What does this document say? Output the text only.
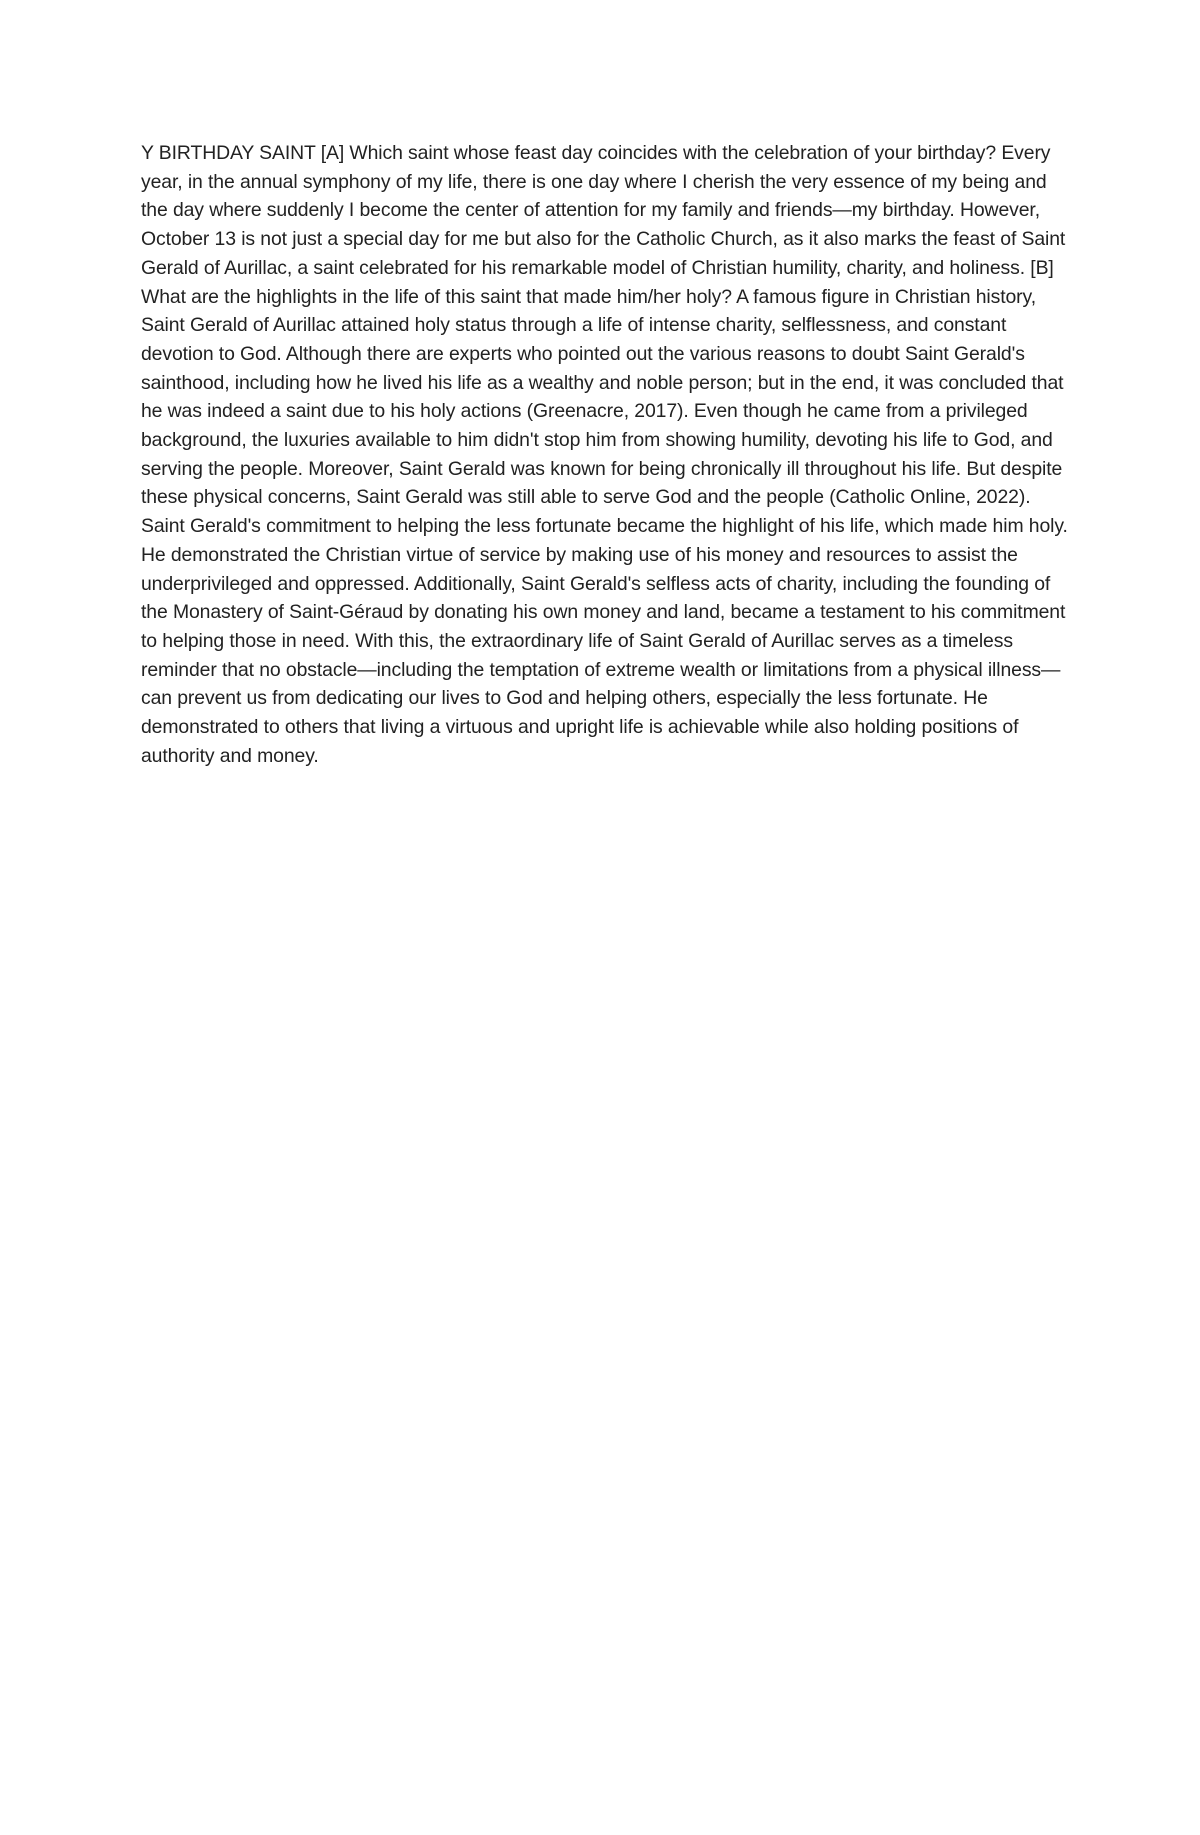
Y BIRTHDAY SAINT [A] Which saint whose feast day coincides with the celebration of your birthday? Every year, in the annual symphony of my life, there is one day where I cherish the very essence of my being and the day where suddenly I become the center of attention for my family and friends—my birthday. However, October 13 is not just a special day for me but also for the Catholic Church, as it also marks the feast of Saint Gerald of Aurillac, a saint celebrated for his remarkable model of Christian humility, charity, and holiness. [B] What are the highlights in the life of this saint that made him/her holy? A famous figure in Christian history, Saint Gerald of Aurillac attained holy status through a life of intense charity, selflessness, and constant devotion to God. Although there are experts who pointed out the various reasons to doubt Saint Gerald's sainthood, including how he lived his life as a wealthy and noble person; but in the end, it was concluded that he was indeed a saint due to his holy actions (Greenacre, 2017). Even though he came from a privileged background, the luxuries available to him didn't stop him from showing humility, devoting his life to God, and serving the people. Moreover, Saint Gerald was known for being chronically ill throughout his life. But despite these physical concerns, Saint Gerald was still able to serve God and the people (Catholic Online, 2022). Saint Gerald's commitment to helping the less fortunate became the highlight of his life, which made him holy. He demonstrated the Christian virtue of service by making use of his money and resources to assist the underprivileged and oppressed. Additionally, Saint Gerald's selfless acts of charity, including the founding of the Monastery of Saint-Géraud by donating his own money and land, became a testament to his commitment to helping those in need. With this, the extraordinary life of Saint Gerald of Aurillac serves as a timeless reminder that no obstacle—including the temptation of extreme wealth or limitations from a physical illness—can prevent us from dedicating our lives to God and helping others, especially the less fortunate. He demonstrated to others that living a virtuous and upright life is achievable while also holding positions of authority and money.
